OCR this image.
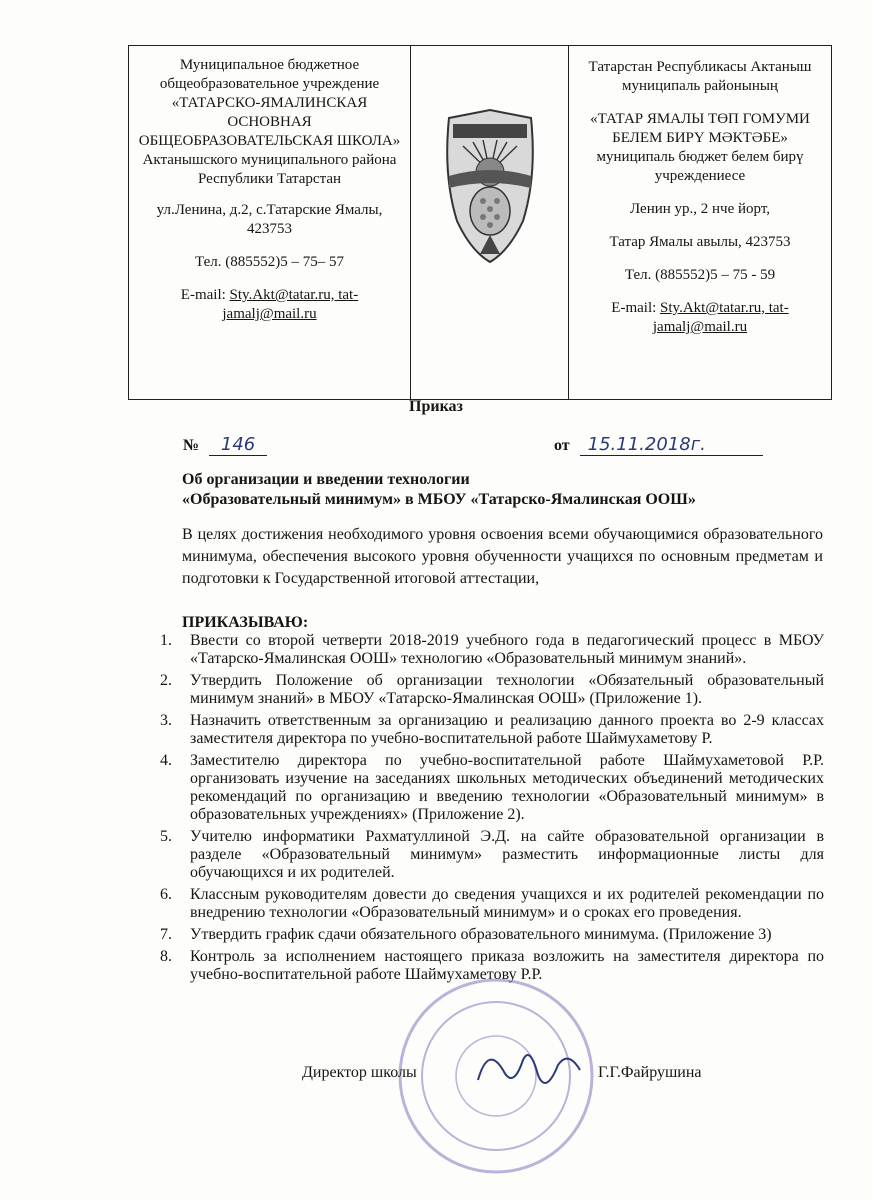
Муниципальное бюджетное общеобразовательное учреждение «ТАТАРСКО-ЯМАЛИНСКАЯ ОСНОВНАЯ ОБЩЕОБРАЗОВАТЕЛЬСКАЯ ШКОЛА» Актанышского муниципального района Республики Татарстан

ул.Ленина, д.2, с.Татарские Ямалы, 423753

Тел. (885552)5 – 75– 57

E-mail: Sty.Akt@tatar.ru, tat-jamalj@mail.ru

Татарстан Республикасы Актаныш муниципаль районының

«ТАТАР ЯМАЛЫ ТӨП ГОМУМИ БЕЛЕМ БИРҮ МӘКТӘБЕ»

муниципаль бюджет белем бирү учреждениесе

Ленин ур., 2 нче йорт,

Татар Ямалы авылы, 423753

Тел. (885552)5 – 75 - 59

E-mail: Sty.Akt@tatar.ru, tat-jamalj@mail.ru

Приказ
№ 146	от 15.11.2018г.
Об организации и введении технологии
«Образовательный минимум» в МБОУ «Татарско-Ямалинская ООШ»
В целях достижения необходимого уровня освоения всеми обучающимися образовательного минимума, обеспечения высокого уровня обученности учащихся по основным предметам и подготовки к Государственной итоговой аттестации,
ПРИКАЗЫВАЮ:
1. Ввести со второй четверти 2018-2019 учебного года в педагогический процесс в МБОУ «Татарско-Ямалинская ООШ» технологию «Образовательный минимум знаний».
2. Утвердить Положение об организации технологии «Обязательный образовательный минимум знаний» в МБОУ «Татарско-Ямалинская ООШ» (Приложение 1).
3. Назначить ответственным за организацию и реализацию данного проекта во 2-9 классах заместителя директора по учебно-воспитательной работе Шаймухаметову Р.
4. Заместителю директора по учебно-воспитательной работе Шаймухаметовой Р.Р. организовать изучение на заседаниях школьных методических объединений методических рекомендаций по организацию и введению технологии «Образовательный минимум» в образовательных учреждениях» (Приложение 2).
5. Учителю информатики Рахматуллиной Э.Д. на сайте образовательной организации в разделе «Образовательный минимум» разместить информационные листы для обучающихся и их родителей.
6. Классным руководителям довести до сведения учащихся и их родителей рекомендации по внедрению технологии «Образовательный минимум» и о сроках его проведения.
7. Утвердить график сдачи обязательного образовательного минимума. (Приложение 3)
8. Контроль за исполнением настоящего приказа возложить на заместителя директора по учебно-воспитательной работе Шаймухаметову Р.Р.
Директор школы	Г.Г.Файрушина
